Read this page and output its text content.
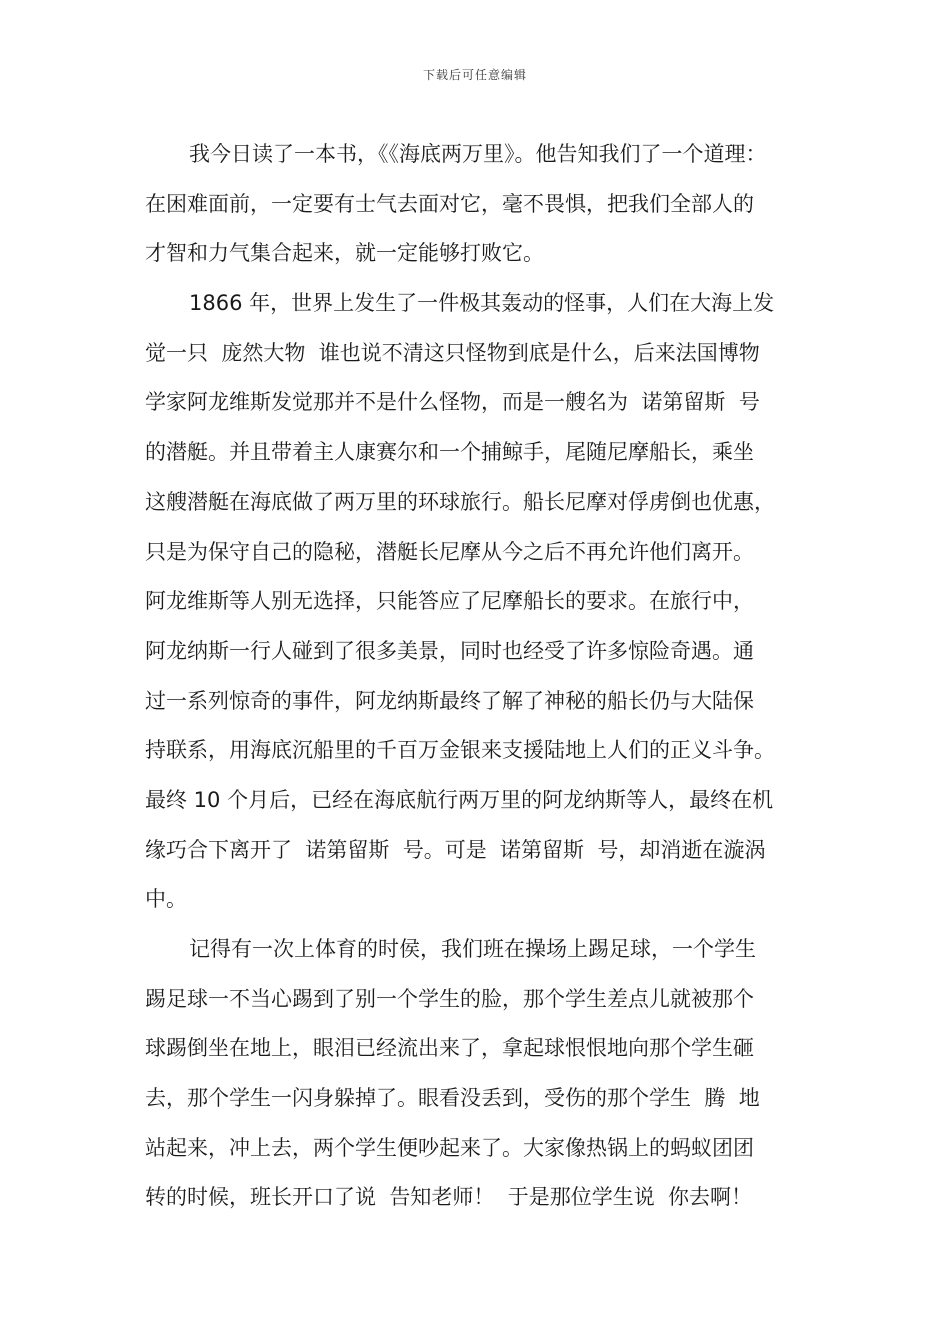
下载后可任意编辑
我今日读了一本书，《《海底两万里》。他告知我们了一个道理：
在困难面前，一定要有士气去面对它，毫不畏惧，把我们全部人的
才智和力气集合起来，就一定能够打败它。
1866 年，世界上发生了一件极其轰动的怪事，人们在大海上发
觉一只  庞然大物  谁也说不清这只怪物到底是什么，后来法国博物
学家阿龙维斯发觉那并不是什么怪物，而是一艘名为  诺第留斯  号
的潜艇。并且带着主人康赛尔和一个捕鲸手，尾随尼摩船长，乘坐
这艘潜艇在海底做了两万里的环球旅行。船长尼摩对俘虏倒也优惠，
只是为保守自己的隐秘，潜艇长尼摩从今之后不再允许他们离开。
阿龙维斯等人别无选择，只能答应了尼摩船长的要求。在旅行中，
阿龙纳斯一行人碰到了很多美景，同时也经受了许多惊险奇遇。通
过一系列惊奇的事件，阿龙纳斯最终了解了神秘的船长仍与大陆保
持联系，用海底沉船里的千百万金银来支援陆地上人们的正义斗争。
最终 10 个月后，已经在海底航行两万里的阿龙纳斯等人，最终在机
缘巧合下离开了  诺第留斯  号。可是  诺第留斯  号，却消逝在漩涡
中。
记得有一次上体育的时侯，我们班在操场上踢足球，一个学生
踢足球一不当心踢到了别一个学生的脸，那个学生差点儿就被那个
球踢倒坐在地上，眼泪已经流出来了，拿起球恨恨地向那个学生砸
去，那个学生一闪身躲掉了。眼看没丢到，受伤的那个学生  腾  地
站起来，冲上去，两个学生便吵起来了。大家像热锅上的蚂蚁团团
转的时候，班长开口了说  告知老师！  于是那位学生说  你去啊！
